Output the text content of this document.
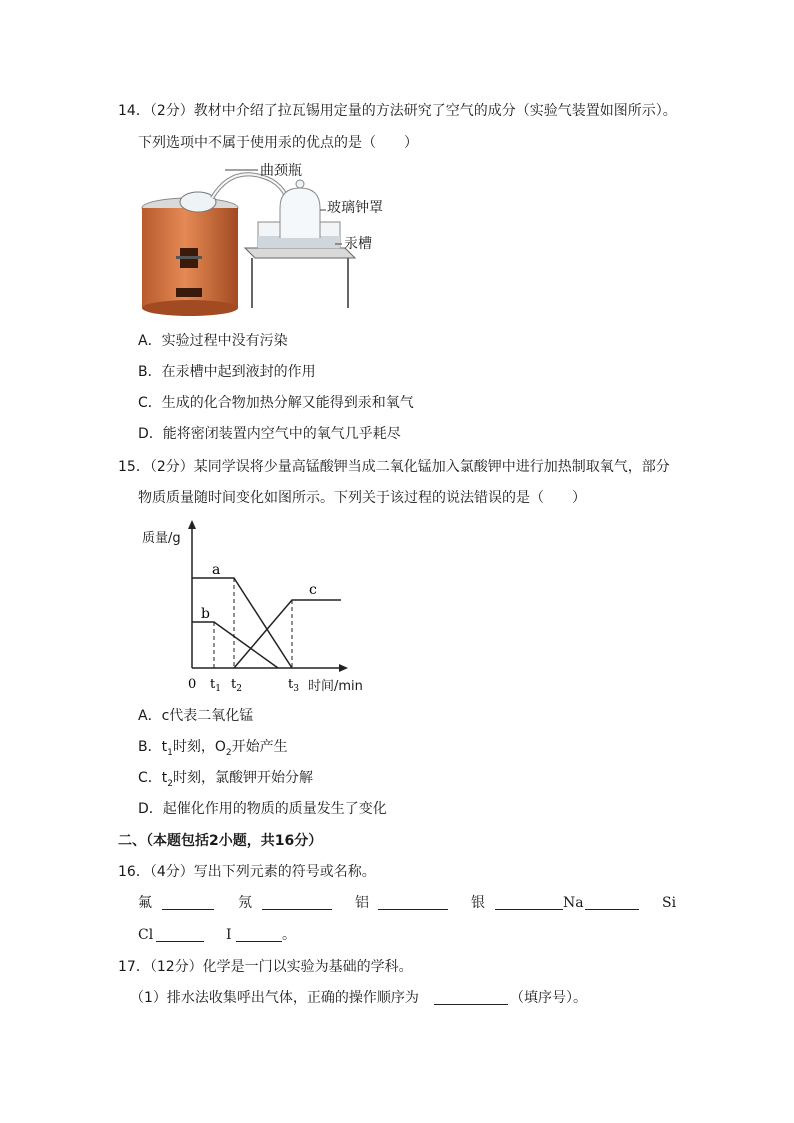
14．（2分）教材中介绍了拉瓦锡用定量的方法研究了空气的成分（实验气装置如图所示）。
下列选项中不属于使用汞的优点的是（　　）
曲颈瓶
玻璃钟罩
汞槽
A．实验过程中没有污染
B．在汞槽中起到液封的作用
C．生成的化合物加热分解又能得到汞和氧气
D．能将密闭装置内空气中的氧气几乎耗尽
15．（2分）某同学误将少量高锰酸钾当成二氧化锰加入氯酸钾中进行加热制取氧气，部分
物质质量随时间变化如图所示。下列关于该过程的说法错误的是（　　）
质量/g
a
b
c
0 $t_1$ $t_2$	$t_3$ 时间/min
A．c代表二氧化锰
B．$t_1$时刻，$O_2$开始产生
C．$t_2$时刻，氯酸钾开始分解
D．起催化作用的物质的质量发生了变化
二、（本题包括2小题，共16分）
16．（4分）写出下列元素的符号或名称。
氟	氖	铝	银	Na	Si
Cl	I	。
17．（12分）化学是一门以实验为基础的学科。
（1）排水法收集呼出气体，正确的操作顺序为	（填序号）。
